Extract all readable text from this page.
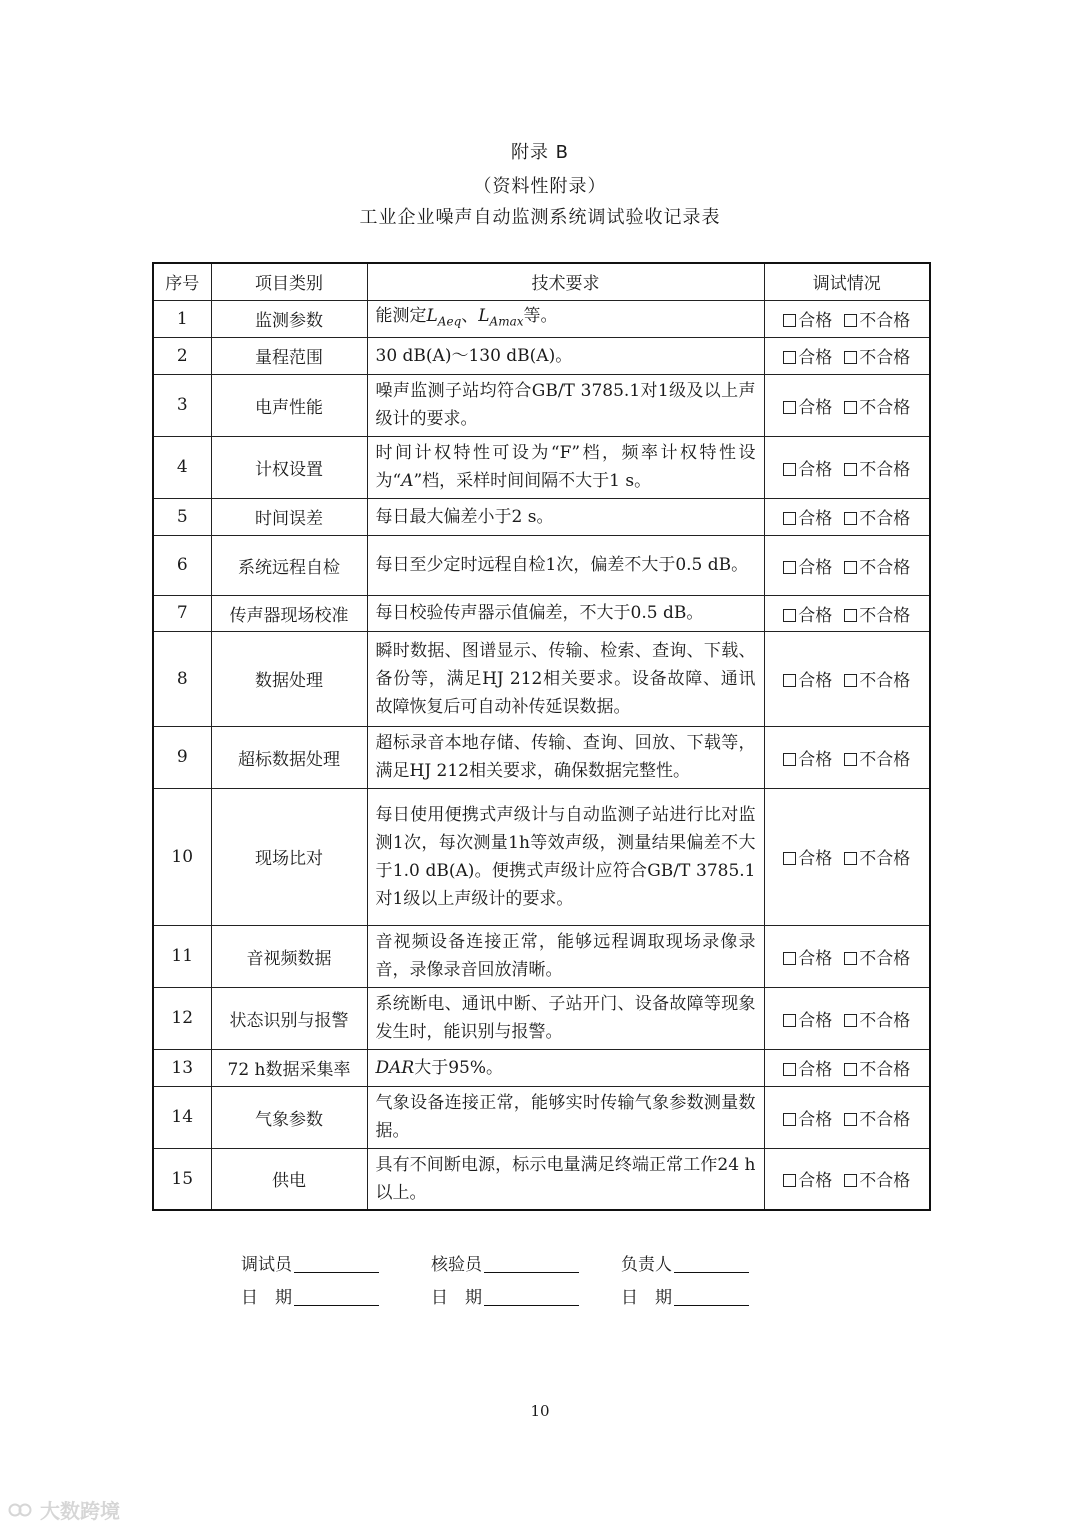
附录 B
（资料性附录）
工业企业噪声自动监测系统调试验收记录表
序号	项目类别	技术要求	调试情况
1	监测参数	能测定$L_{Aeq}$、$L_{Amax}$等。	合格 不合格
2	量程范围	30 dB(A)～130 dB(A)。	合格 不合格
3	电声性能	噪声监测子站均符合GB/T 3785.1对1级及以上声级计的要求。	合格 不合格
4	计权设置	时间计权特性可设为“F”档，频率计权特性设为“A”档，采样时间间隔不大于1 s。	合格 不合格
5	时间误差	每日最大偏差小于2 s。	合格 不合格
6	系统远程自检	每日至少定时远程自检1次，偏差不大于0.5 dB。	合格 不合格
7	传声器现场校准	每日校验传声器示值偏差，不大于0.5 dB。	合格 不合格
8	数据处理	瞬时数据、图谱显示、传输、检索、查询、下载、备份等，满足HJ 212相关要求。设备故障、通讯故障恢复后可自动补传延误数据。	合格 不合格
9	超标数据处理	超标录音本地存储、传输、查询、回放、下载等，满足HJ 212相关要求，确保数据完整性。	合格 不合格
10	现场比对	每日使用便携式声级计与自动监测子站进行比对监测1次，每次测量1h等效声级，测量结果偏差不大于1.0 dB(A)。便携式声级计应符合GB/T 3785.1对1级以上声级计的要求。	合格 不合格
11	音视频数据	音视频设备连接正常，能够远程调取现场录像录音，录像录音回放清晰。	合格 不合格
12	状态识别与报警	系统断电、通讯中断、子站开门、设备故障等现象发生时，能识别与报警。	合格 不合格
13	72 h数据采集率	DAR大于95%。	合格 不合格
14	气象参数	气象设备连接正常，能够实时传输气象参数测量数据。	合格 不合格
15	供电	具有不间断电源，标示电量满足终端正常工作24 h以上。	合格 不合格
调试员	核验员	负责人
日　期	日　期	日　期
10
大数跨境
